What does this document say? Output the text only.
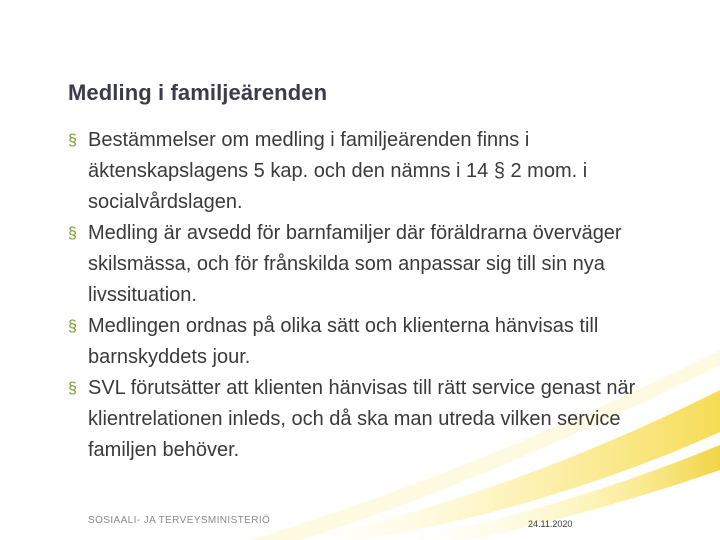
Medling i familjeärenden
§ Bestämmelser om medling i familjeärenden finns i äktenskapslagens 5 kap. och den nämns i 14 § 2 mom. i socialvårdslagen.
§ Medling är avsedd för barnfamiljer där föräldrarna överväger skilsmässa, och för frånskilda som anpassar sig till sin nya livssituation.
§ Medlingen ordnas på olika sätt och klienterna hänvisas till barnskyddets jour.
§ SVL förutsätter att klienten hänvisas till rätt service genast när klientrelationen inleds, och då ska man utreda vilken service familjen behöver.
SOSIAALI- JA TERVEYSMINISTERIÖ	24.11.2020
